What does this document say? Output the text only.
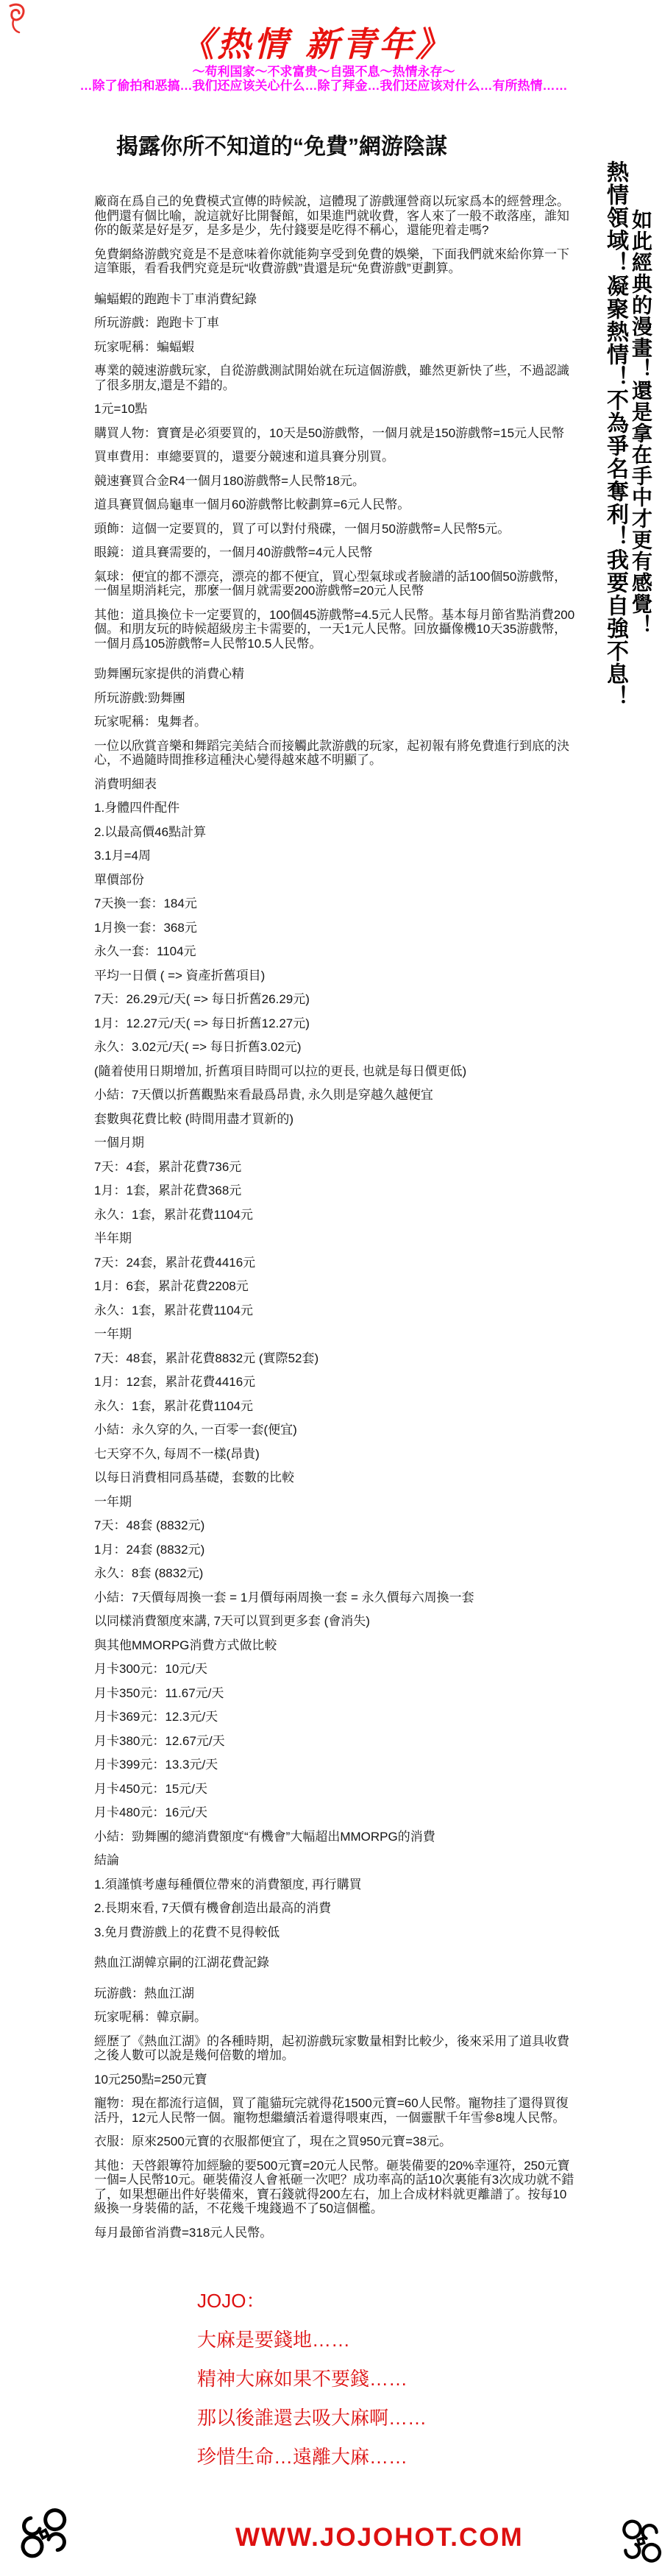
《热情 新青年》
～苟利国家～不求富贵～自强不息～热情永存～
…除了偷拍和恶搞…我们还应该关心什么…除了拜金…我们还应该对什么…有所热情……
揭露你所不知道的“免費”網游陰謀
如此經典的漫畫！還是拿在手中才更有感覺！
熱情領域！凝聚熱情！不為爭名奪利！我要自強不息！
廠商在爲自己的免費模式宣傳的時候說，這體現了游戲運營商以玩家爲本的經營理念。他們還有個比喻，說這就好比開餐館，如果進門就收費，客人來了一般不敢落座，誰知你的飯菜是好是歹，是多是少，先付錢要是吃得不稱心，還能兜着走嗎?
免費網絡游戲究竟是不是意味着你就能夠享受到免費的娛樂，下面我們就來給你算一下這筆賬，看看我們究竟是玩“收費游戲”貴還是玩“免費游戲”更劃算。
蝙蝠蝦的跑跑卡丁車消費紀錄
所玩游戲：跑跑卡丁車
玩家呢稱：蝙蝠蝦
專業的競速游戲玩家，自從游戲測試開始就在玩這個游戲，雖然更新快了些，不過認識了很多朋友,還是不錯的。
1元=10點
購買人物：寶寶是必須要買的，10天是50游戲幣，一個月就是150游戲幣=15元人民幣
買車費用：車總要買的，還要分競速和道具賽分別買。
競速賽買合金R4一個月180游戲幣=人民幣18元。
道具賽買個烏龜車一個月60游戲幣比較劃算=6元人民幣。
頭飾：這個一定要買的，買了可以對付飛碟，一個月50游戲幣=人民幣5元。
眼鏡：道具賽需要的，一個月40游戲幣=4元人民幣
氣球：便宜的都不漂亮，漂亮的都不便宜，買心型氣球或者臉譜的話100個50游戲幣，一個星期消耗完，那麼一個月就需要200游戲幣=20元人民幣
其他：道具換位卡一定要買的，100個45游戲幣=4.5元人民幣。基本每月節省點消費200個。和朋友玩的時候超級房主卡需要的，一天1元人民幣。回放攝像機10天35游戲幣，一個月爲105游戲幣=人民幣10.5人民幣。
勁舞團玩家提供的消費心精
所玩游戲:勁舞團
玩家呢稱：鬼舞者。
一位以欣賞音樂和舞蹈完美結合而接觸此款游戲的玩家，起初報有將免費進行到底的決心，不過隨時間推移這種決心變得越來越不明顯了。
消費明細表
1.身體四件配件
2.以最高價46點計算
3.1月=4周
單價部份
7天換一套：184元
1月換一套：368元
永久一套：1104元
平均一日價 ( => 資產折舊項目)
7天：26.29元/天( => 每日折舊26.29元)
1月：12.27元/天( => 每日折舊12.27元)
永久：3.02元/天( => 每日折舊3.02元)
(隨着使用日期增加, 折舊項目時間可以拉的更長, 也就是每日價更低)
小結：7天價以折舊觀點來看最爲昂貴, 永久則是穿越久越便宜
套數與花費比較 (時間用盡才買新的)
一個月期
7天：4套，累計花費736元
1月：1套，累計花費368元
永久：1套，累計花費1104元
半年期
7天：24套，累計花費4416元
1月：6套，累計花費2208元
永久：1套，累計花費1104元
一年期
7天：48套，累計花費8832元 (實際52套)
1月：12套，累計花費4416元
永久：1套，累計花費1104元
小結：永久穿的久, 一百零一套(便宜)
七天穿不久, 每周不一樣(昂貴)
以每日消費相同爲基礎，套數的比較
一年期
7天：48套 (8832元)
1月：24套 (8832元)
永久：8套 (8832元)
小結：7天價每周換一套 = 1月價每兩周換一套 = 永久價每六周換一套
以同樣消費額度來講, 7天可以買到更多套 (會消失)
與其他MMORPG消費方式做比較
月卡300元：10元/天
月卡350元：11.67元/天
月卡369元：12.3元/天
月卡380元：12.67元/天
月卡399元：13.3元/天
月卡450元：15元/天
月卡480元：16元/天
小結：勁舞團的總消費額度“有機會”大幅超出MMORPG的消費
結論
1.須謹慎考慮每種價位帶來的消費額度, 再行購買
2.長期來看, 7天價有機會創造出最高的消費
3.免月費游戲上的花費不見得較低
熱血江湖韓京嗣的江湖花費記錄
玩游戲：熱血江湖
玩家呢稱：韓京嗣。
經歷了《熱血江湖》的各種時期，起初游戲玩家數量相對比較少，後來采用了道具收費之後人數可以說是幾何倍數的增加。
10元250點=250元寶
寵物：現在都流行這個，買了龍貓玩完就得花1500元寶=60人民幣。寵物挂了還得買復活丹，12元人民幣一個。寵物想繼續活着還得喂東西，一個靈獸千年雪參8塊人民幣。
衣服：原來2500元寶的衣服都便宜了，現在之買950元寶=38元。
其他：天啓銀篿符加經驗的要500元寶=20元人民幣。砸裝備要的20%幸運符，250元寶一個=人民幣10元。砸裝備沒人會衹砸一次吧？成功率高的話10次裏能有3次成功就不錯了，如果想砸出件好裝備來，寶石錢就得200左右，加上合成材料就更離譜了。按每10級換一身裝備的話，不花幾千塊錢過不了50這個檻。
每月最節省消費=318元人民幣。
JOJO：
大麻是要錢地……
精神大麻如果不要錢……
那以後誰還去吸大麻啊……
珍惜生命…遠離大麻……
WWW.JOJOHOT.COM
